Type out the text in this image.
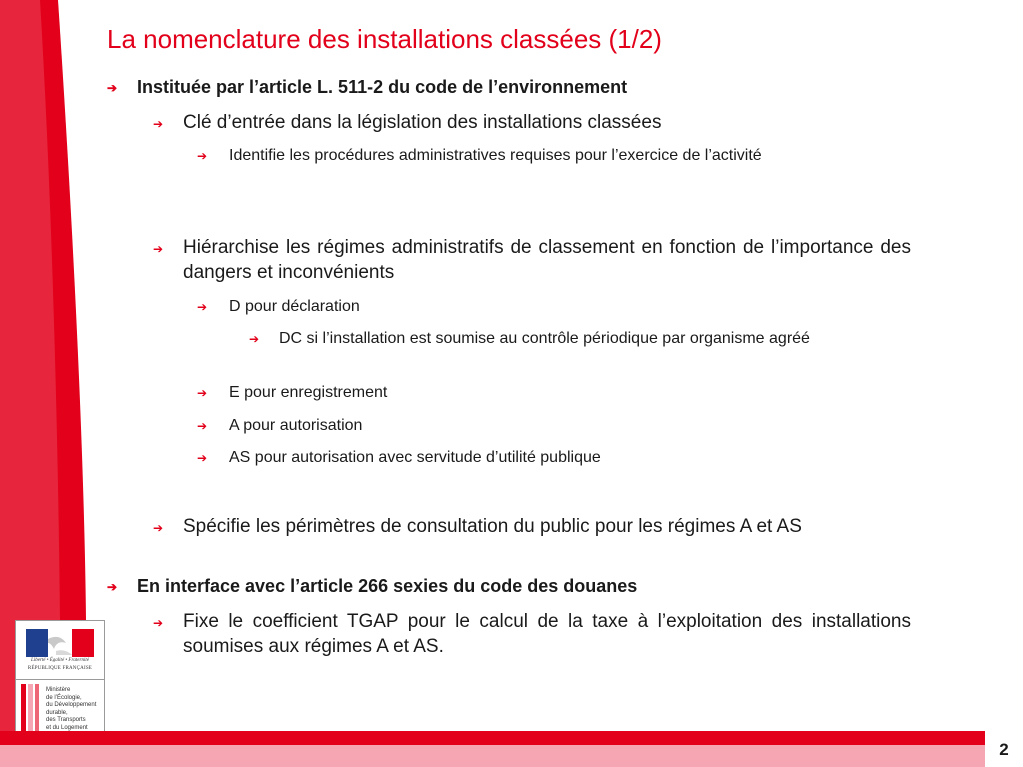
La nomenclature des installations classées (1/2)
➔ Instituée par l’article L. 511-2 du code de l’environnement
➔ Clé d’entrée dans la législation des installations classées
➔ Identifie les procédures administratives requises pour l’exercice de l’activité
➔ Hiérarchise les régimes administratifs de classement en fonction de l’importance des dangers et inconvénients
➔ D pour déclaration
➔ DC si l’installation est soumise au contrôle périodique par organisme agréé
➔ E pour enregistrement
➔ A pour autorisation
➔ AS pour autorisation avec servitude d’utilité publique
➔ Spécifie les périmètres de consultation du public pour les régimes A et AS
➔ En interface avec l’article 266 sexies du code des douanes
➔ Fixe le coefficient TGAP pour le calcul de la taxe à l’exploitation des installations soumises aux régimes A et AS.
Liberté • Égalité • Fraternité
RÉPUBLIQUE FRANÇAISE
Ministère
de l’Écologie,
du Développement
durable,
des Transports
et du Logement
2
